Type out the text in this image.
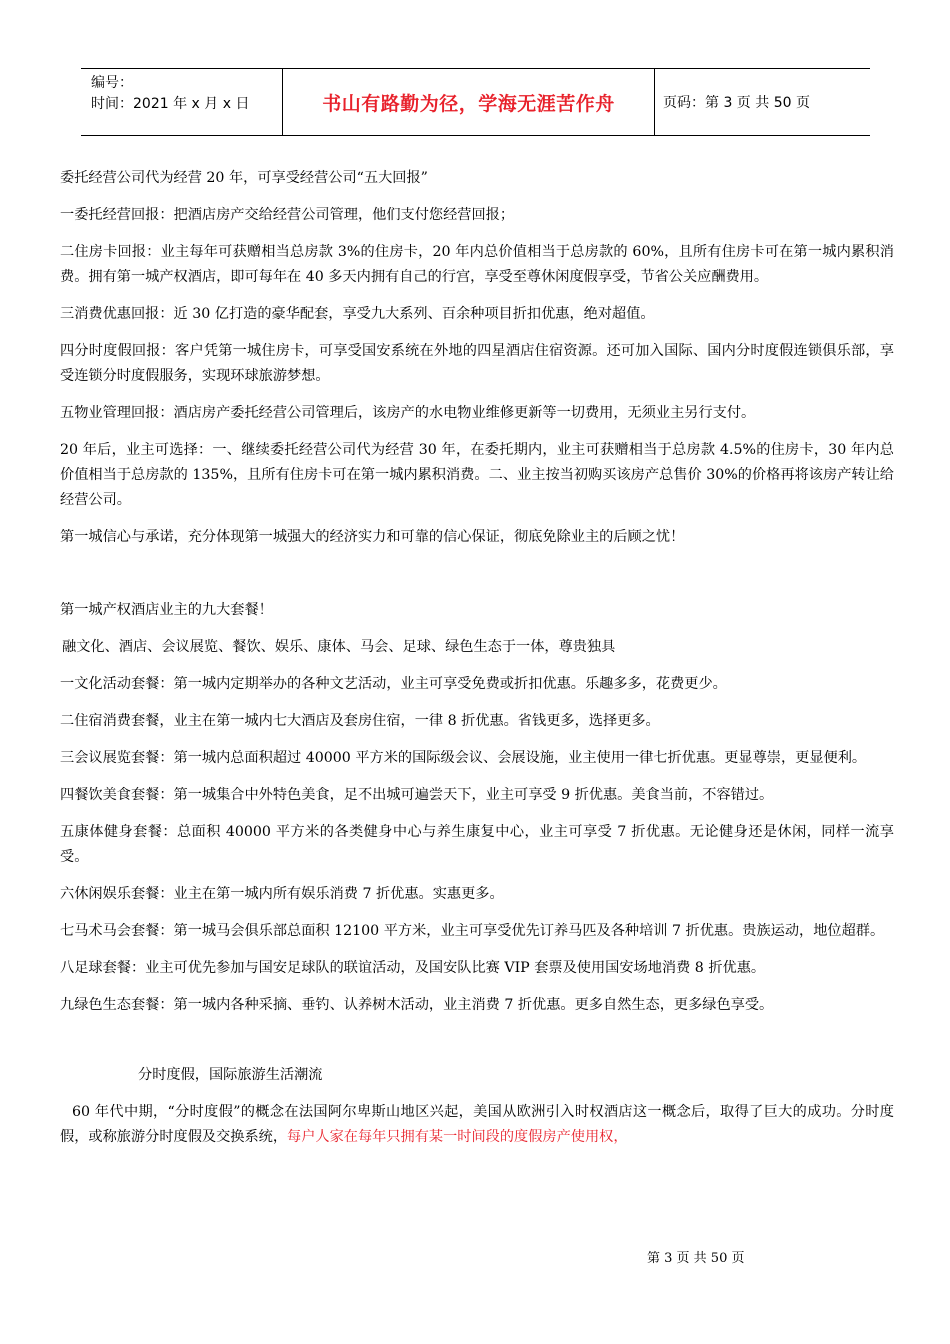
编号：
时间：2021 年 x 月 x 日	书山有路勤为径，学海无涯苦作舟	页码：第 3 页 共 50 页

委托经营公司代为经营 20 年，可享受经营公司“五大回报”

一委托经营回报：把酒店房产交给经营公司管理，他们支付您经营回报；

二住房卡回报：业主每年可获赠相当总房款 3%的住房卡，20 年内总价值相当于总房款的 60%，且所有住房卡可在第一城内累积消费。拥有第一城产权酒店，即可每年在 40 多天内拥有自己的行宫，享受至尊休闲度假享受，节省公关应酬费用。

三消费优惠回报：近 30 亿打造的豪华配套，享受九大系列、百余种项目折扣优惠，绝对超值。

四分时度假回报：客户凭第一城住房卡，可享受国安系统在外地的四星酒店住宿资源。还可加入国际、国内分时度假连锁俱乐部，享受连锁分时度假服务，实现环球旅游梦想。

五物业管理回报：酒店房产委托经营公司管理后，该房产的水电物业维修更新等一切费用，无须业主另行支付。

20 年后，业主可选择：一、继续委托经营公司代为经营 30 年，在委托期内，业主可获赠相当于总房款 4.5%的住房卡，30 年内总价值相当于总房款的 135%，且所有住房卡可在第一城内累积消费。二、业主按当初购买该房产总售价 30%的价格再将该房产转让给经营公司。

第一城信心与承诺，充分体现第一城强大的经济实力和可靠的信心保证，彻底免除业主的后顾之忧！

第一城产权酒店业主的九大套餐！

融文化、酒店、会议展览、餐饮、娱乐、康体、马会、足球、绿色生态于一体，尊贵独具

一文化活动套餐：第一城内定期举办的各种文艺活动，业主可享受免费或折扣优惠。乐趣多多，花费更少。

二住宿消费套餐，业主在第一城内七大酒店及套房住宿，一律 8 折优惠。省钱更多，选择更多。

三会议展览套餐：第一城内总面积超过 40000 平方米的国际级会议、会展设施，业主使用一律七折优惠。更显尊崇，更显便利。

四餐饮美食套餐：第一城集合中外特色美食，足不出城可遍尝天下，业主可享受 9 折优惠。美食当前，不容错过。

五康体健身套餐：总面积 40000 平方米的各类健身中心与养生康复中心，业主可享受 7 折优惠。无论健身还是休闲，同样一流享受。

六休闲娱乐套餐：业主在第一城内所有娱乐消费 7 折优惠。实惠更多。

七马术马会套餐：第一城马会俱乐部总面积 12100 平方米，业主可享受优先订养马匹及各种培训 7 折优惠。贵族运动，地位超群。

八足球套餐：业主可优先参加与国安足球队的联谊活动，及国安队比赛 VIP 套票及使用国安场地消费 8 折优惠。

九绿色生态套餐：第一城内各种采摘、垂钓、认养树木活动，业主消费 7 折优惠。更多自然生态，更多绿色享受。

分时度假，国际旅游生活潮流

60 年代中期，“分时度假”的概念在法国阿尔卑斯山地区兴起，美国从欧洲引入时权酒店这一概念后，取得了巨大的成功。分时度假，或称旅游分时度假及交换系统，每户人家在每年只拥有某一时间段的度假房产使用权，

第 3 页 共 50 页
